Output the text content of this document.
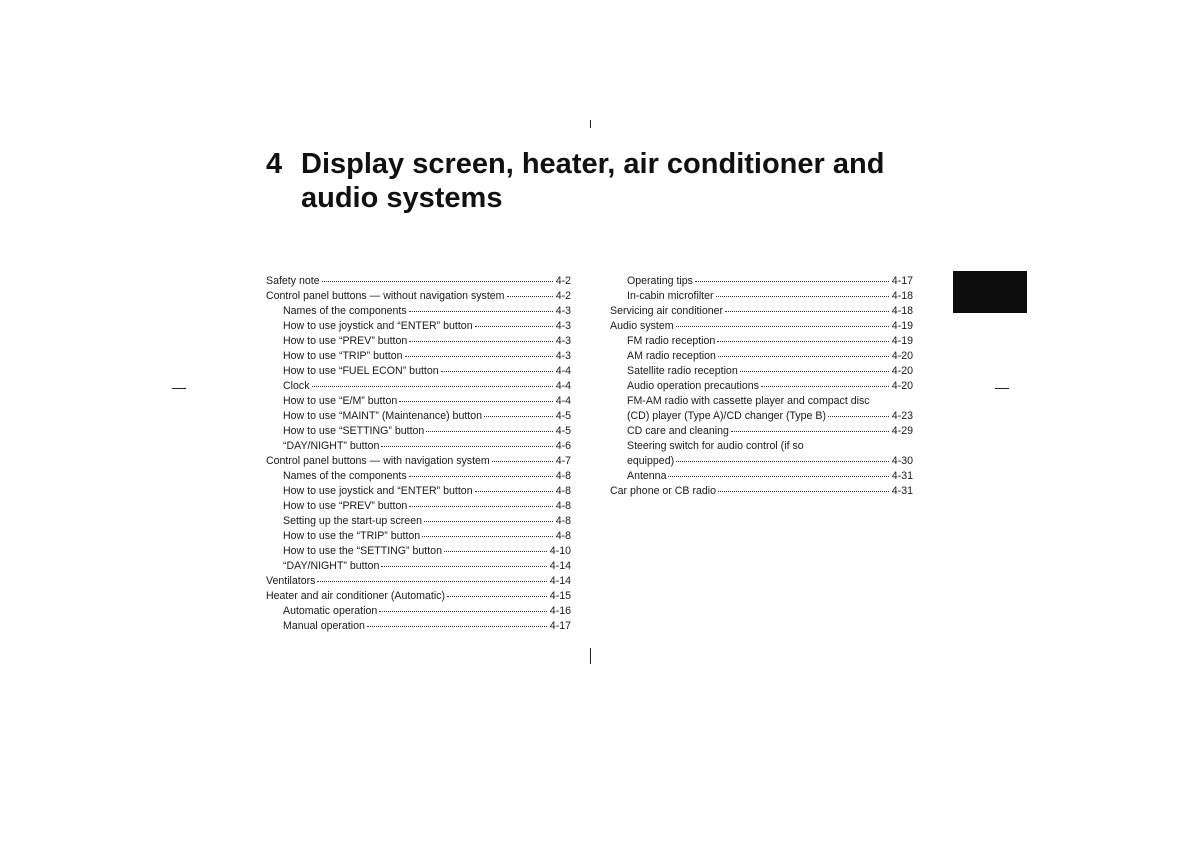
4 Display screen, heater, air conditioner and
audio systems
Safety note	4-2
Control panel buttons — without navigation system	4-2
Names of the components	4-3
How to use joystick and “ENTER” button	4-3
How to use “PREV” button	4-3
How to use “TRIP” button	4-3
How to use “FUEL ECON” button	4-4
Clock	4-4
How to use “E/M” button	4-4
How to use “MAINT” (Maintenance) button	4-5
How to use “SETTING” button	4-5
“DAY/NIGHT” button	4-6
Control panel buttons — with navigation system	4-7
Names of the components	4-8
How to use joystick and “ENTER” button	4-8
How to use “PREV” button	4-8
Setting up the start-up screen	4-8
How to use the “TRIP” button	4-8
How to use the “SETTING” button	4-10
“DAY/NIGHT” button	4-14
Ventilators	4-14
Heater and air conditioner (Automatic)	4-15
Automatic operation	4-16
Manual operation	4-17
Operating tips	4-17
In-cabin microfilter	4-18
Servicing air conditioner	4-18
Audio system	4-19
FM radio reception	4-19
AM radio reception	4-20
Satellite radio reception	4-20
Audio operation precautions	4-20
FM-AM radio with cassette player and compact disc
(CD) player (Type A)/CD changer (Type B)	4-23
CD care and cleaning	4-29
Steering switch for audio control (if so
equipped)	4-30
Antenna	4-31
Car phone or CB radio	4-31
